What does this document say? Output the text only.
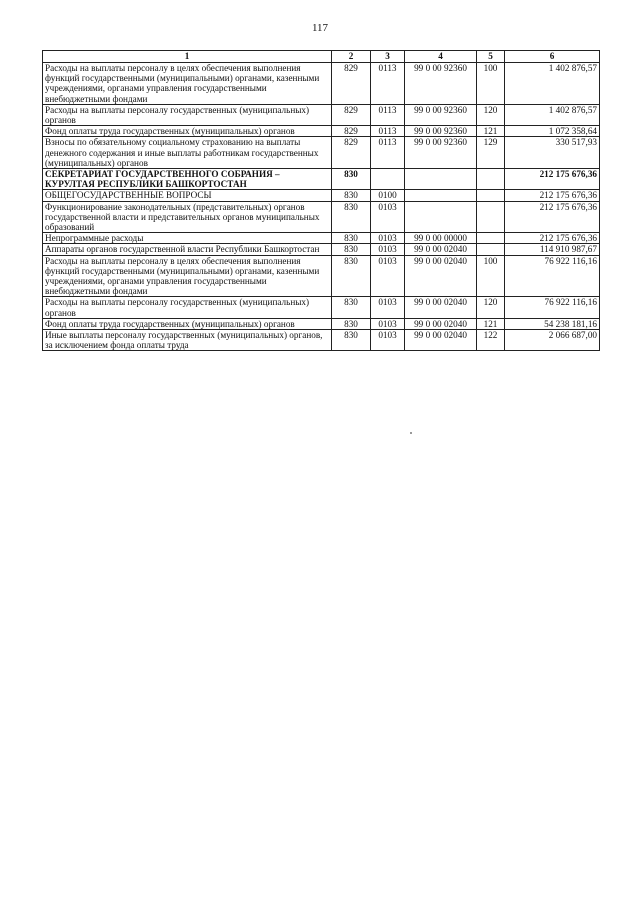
117
1	2	3	4	5	6
Расходы на выплаты персоналу в целях обеспечения выполнения функций государственными (муниципальными) органами, казенными учреждениями, органами управления государственными внебюджетными фондами	829	0113	99 0 00 92360	100	1 402 876,57
Расходы на выплаты персоналу государственных (муниципальных) органов	829	0113	99 0 00 92360	120	1 402 876,57
Фонд оплаты труда государственных (муниципальных) органов	829	0113	99 0 00 92360	121	1 072 358,64
Взносы по обязательному социальному страхованию на выплаты денежного содержания и иные выплаты работникам государственных (муниципальных) органов	829	0113	99 0 00 92360	129	330 517,93
СЕКРЕТАРИАТ ГОСУДАРСТВЕННОГО СОБРАНИЯ – КУРУЛТАЯ РЕСПУБЛИКИ БАШКОРТОСТАН	830				212 175 676,36
ОБЩЕГОСУДАРСТВЕННЫЕ ВОПРОСЫ	830	0100			212 175 676,36
Функционирование законодательных (представительных) органов государственной власти и представительных органов муниципальных образований	830	0103			212 175 676,36
Непрограммные расходы	830	0103	99 0 00 00000		212 175 676,36
Аппараты органов государственной власти Республики Башкортостан	830	0103	99 0 00 02040		114 910 987,67
Расходы на выплаты персоналу в целях обеспечения выполнения функций государственными (муниципальными) органами, казенными учреждениями, органами управления государственными внебюджетными фондами	830	0103	99 0 00 02040	100	76 922 116,16
Расходы на выплаты персоналу государственных (муниципальных) органов	830	0103	99 0 00 02040	120	76 922 116,16
Фонд оплаты труда государственных (муниципальных) органов	830	0103	99 0 00 02040	121	54 238 181,16
Иные выплаты персоналу государственных (муниципальных) органов, за исключением фонда оплаты труда	830	0103	99 0 00 02040	122	2 066 687,00
